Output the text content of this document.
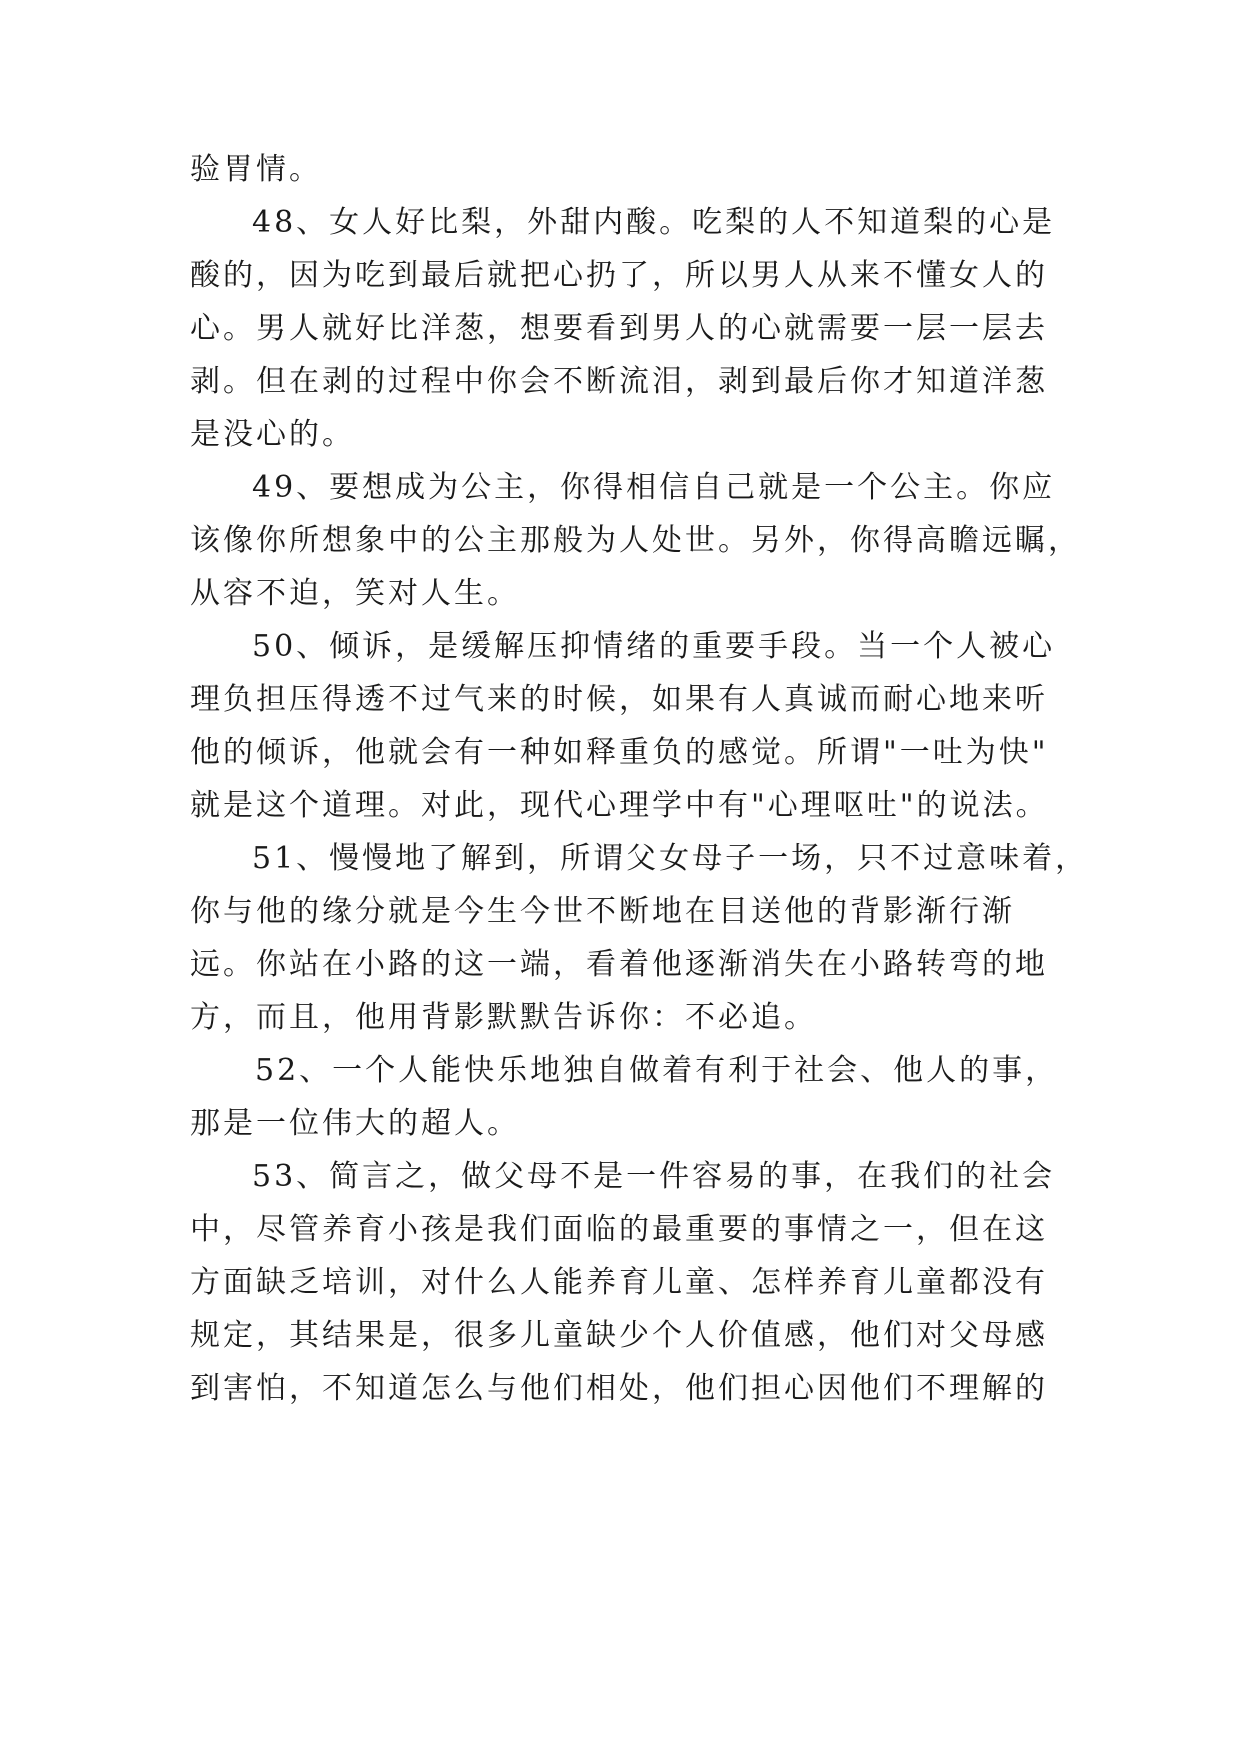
验胃情。
48、女人好比梨，外甜内酸。吃梨的人不知道梨的心是
酸的，因为吃到最后就把心扔了，所以男人从来不懂女人的
心。男人就好比洋葱，想要看到男人的心就需要一层一层去
剥。但在剥的过程中你会不断流泪，剥到最后你才知道洋葱
是没心的。
49、要想成为公主，你得相信自己就是一个公主。你应
该像你所想象中的公主那般为人处世。另外，你得高瞻远瞩，
从容不迫，笑对人生。
50、倾诉，是缓解压抑情绪的重要手段。当一个人被心
理负担压得透不过气来的时候，如果有人真诚而耐心地来听
他的倾诉，他就会有一种如释重负的感觉。所谓"一吐为快"
就是这个道理。对此，现代心理学中有"心理呕吐"的说法。
51、慢慢地了解到，所谓父女母子一场，只不过意味着，
你与他的缘分就是今生今世不断地在目送他的背影渐行渐
远。你站在小路的这一端，看着他逐渐消失在小路转弯的地
方，而且，他用背影默默告诉你：不必追。
52、一个人能快乐地独自做着有利于社会、他人的事，
那是一位伟大的超人。
53、简言之，做父母不是一件容易的事，在我们的社会
中，尽管养育小孩是我们面临的最重要的事情之一，但在这
方面缺乏培训，对什么人能养育儿童、怎样养育儿童都没有
规定，其结果是，很多儿童缺少个人价值感，他们对父母感
到害怕，不知道怎么与他们相处，他们担心因他们不理解的
